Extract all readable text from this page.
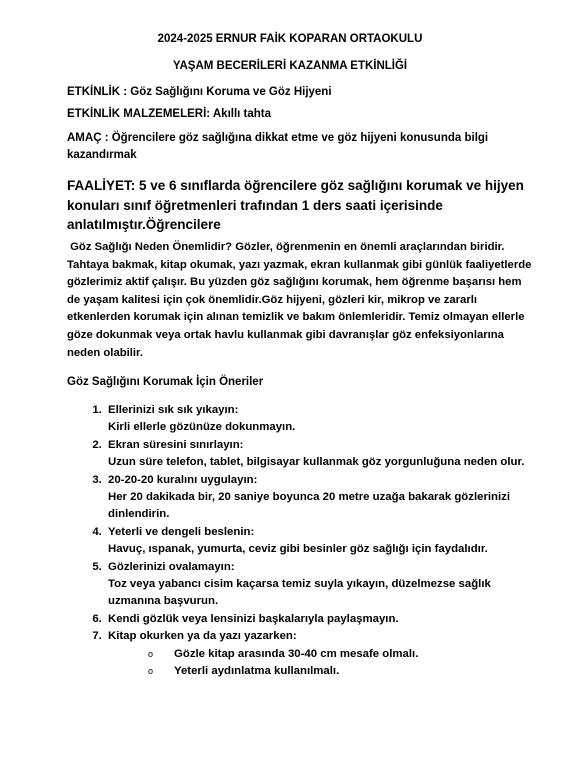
2024-2025 ERNUR FAİK KOPARAN ORTAOKULU
YAŞAM BECERİLERİ KAZANMA ETKİNLİĞİ
ETKİNLİK : Göz Sağlığını Koruma ve Göz Hijyeni
ETKİNLİK MALZEMELERİ: Akıllı tahta
AMAÇ : Öğrencilere göz sağlığına dikkat etme ve göz hijyeni konusunda bilgi kazandırmak
FAALİYET: 5 ve 6 sınıflarda öğrencilere göz sağlığını korumak ve hijyen konuları sınıf öğretmenleri trafından 1 ders saati içerisinde anlatılmıştır.Öğrencilere
Göz Sağlığı Neden Önemlidir? Gözler, öğrenmenin en önemli araçlarından biridir. Tahtaya bakmak, kitap okumak, yazı yazmak, ekran kullanmak gibi günlük faaliyetlerde gözlerimiz aktif çalışır. Bu yüzden göz sağlığını korumak, hem öğrenme başarısı hem de yaşam kalitesi için çok önemlidir.Göz hijyeni, gözleri kir, mikrop ve zararlı etkenlerden korumak için alınan temizlik ve bakım önlemleridir. Temiz olmayan ellerle göze dokunmak veya ortak havlu kullanmak gibi davranışlar göz enfeksiyonlarına neden olabilir.
Göz Sağlığını Korumak İçin Öneriler
1. Ellerinizi sık sık yıkayın:
Kirli ellerle gözünüze dokunmayın.
2. Ekran süresini sınırlayın:
Uzun süre telefon, tablet, bilgisayar kullanmak göz yorgunluğuna neden olur.
3. 20-20-20 kuralını uygulayın:
Her 20 dakikada bir, 20 saniye boyunca 20 metre uzağa bakarak gözlerinizi dinlendirin.
4. Yeterli ve dengeli beslenin:
Havuç, ıspanak, yumurta, ceviz gibi besinler göz sağlığı için faydalıdır.
5. Gözlerinizi ovalamayın:
Toz veya yabancı cisim kaçarsa temiz suyla yıkayın, düzelmezse sağlık uzmanına başvurun.
6. Kendi gözlük veya lensinizi başkalarıyla paylaşmayın.
7. Kitap okurken ya da yazı yazarken:
o Gözle kitap arasında 30-40 cm mesafe olmalı.
o Yeterli aydınlatma kullanılmalı.
